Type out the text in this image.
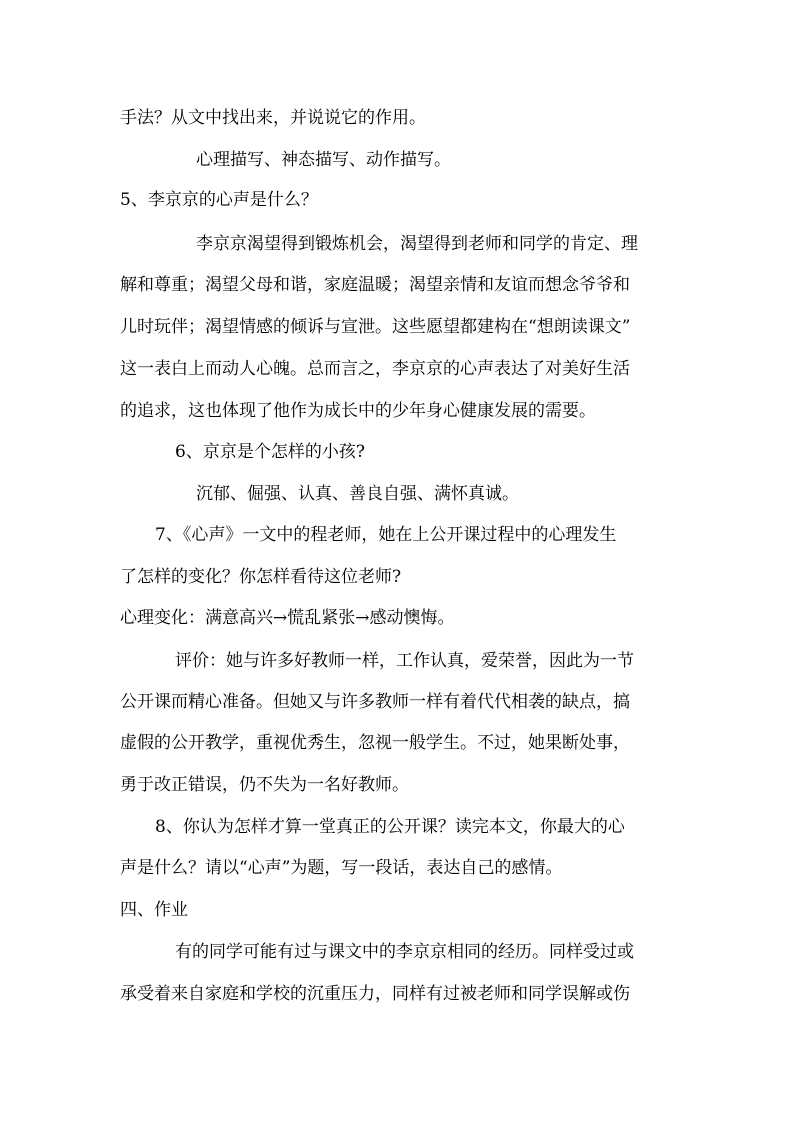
手法？从文中找出来，并说说它的作用。
心理描写、神态描写、动作描写。
5、李京京的心声是什么？
李京京渴望得到锻炼机会，渴望得到老师和同学的肯定、理
解和尊重；渴望父母和谐，家庭温暖；渴望亲情和友谊而想念爷爷和
儿时玩伴；渴望情感的倾诉与宣泄。这些愿望都建构在“想朗读课文”
这一表白上而动人心魄。总而言之，李京京的心声表达了对美好生活
的追求，这也体现了他作为成长中的少年身心健康发展的需要。
6、京京是个怎样的小孩?
沉郁、倔强、认真、善良自强、满怀真诚。
7、《心声》一文中的程老师，她在上公开课过程中的心理发生
了怎样的变化？你怎样看待这位老师?
心理变化：满意高兴→慌乱紧张→感动懊悔。
评价：她与许多好教师一样，工作认真，爱荣誉，因此为一节
公开课而精心准备。但她又与许多教师一样有着代代相袭的缺点，搞
虚假的公开教学，重视优秀生，忽视一般学生。不过，她果断处事，
勇于改正错误，仍不失为一名好教师。
8、你认为怎样才算一堂真正的公开课？读完本文，你最大的心
声是什么？请以“心声”为题，写一段话，表达自己的感情。
四、作业
有的同学可能有过与课文中的李京京相同的经历。同样受过或
承受着来自家庭和学校的沉重压力，同样有过被老师和同学误解或伤
